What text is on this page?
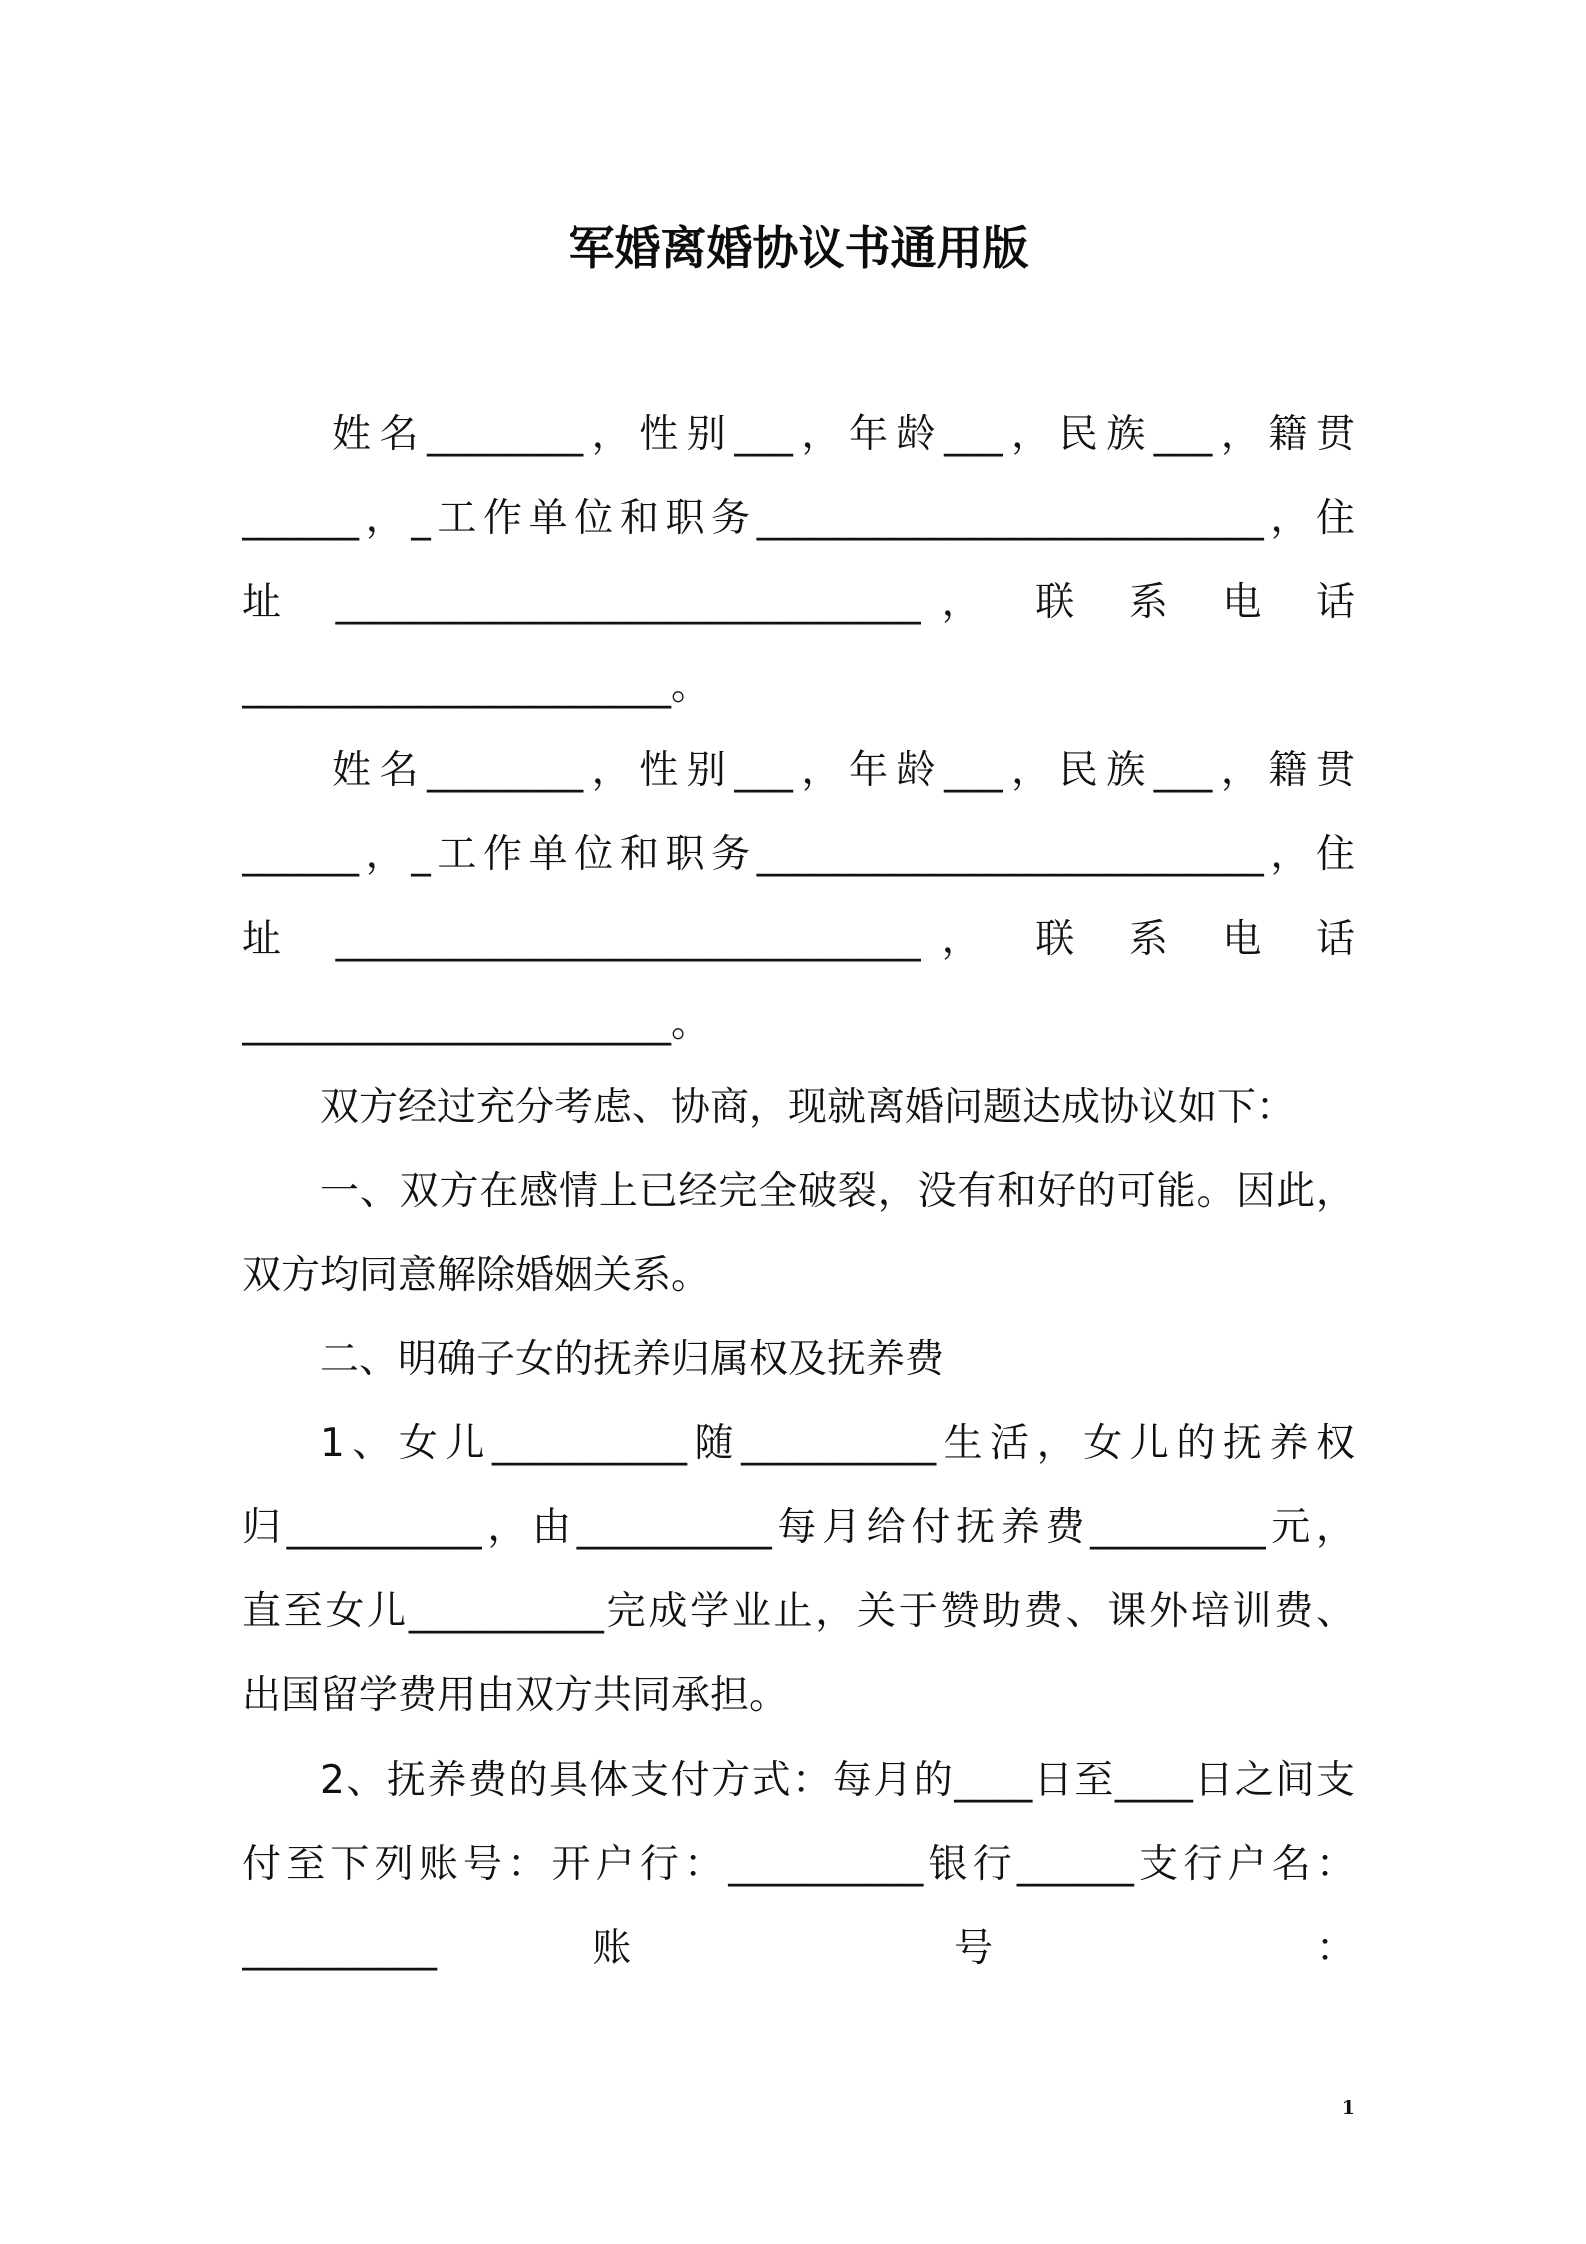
军婚离婚协议书通用版
姓名________，性别___，年龄___，民族___，籍贯
______，_工作单位和职务__________________________，住
址 ______________________________， 联 系 电 话
______________________。
姓名________，性别___，年龄___，民族___，籍贯
______，_工作单位和职务__________________________，住
址 ______________________________， 联 系 电 话
______________________。
双方经过充分考虑、协商，现就离婚问题达成协议如下：
一、双方在感情上已经完全破裂，没有和好的可能。因此，
双方均同意解除婚姻关系。
二、明确子女的抚养归属权及抚养费
1、女儿__________随__________生活，女儿的抚养权
归__________，由__________每月给付抚养费_________元，
直至女儿__________完成学业止，关于赞助费、课外培训费、
出国留学费用由双方共同承担。
2、抚养费的具体支付方式：每月的____日至____日之间支
付至下列账号：开户行：__________银行______支行户名：
__________账 号 ：
1
